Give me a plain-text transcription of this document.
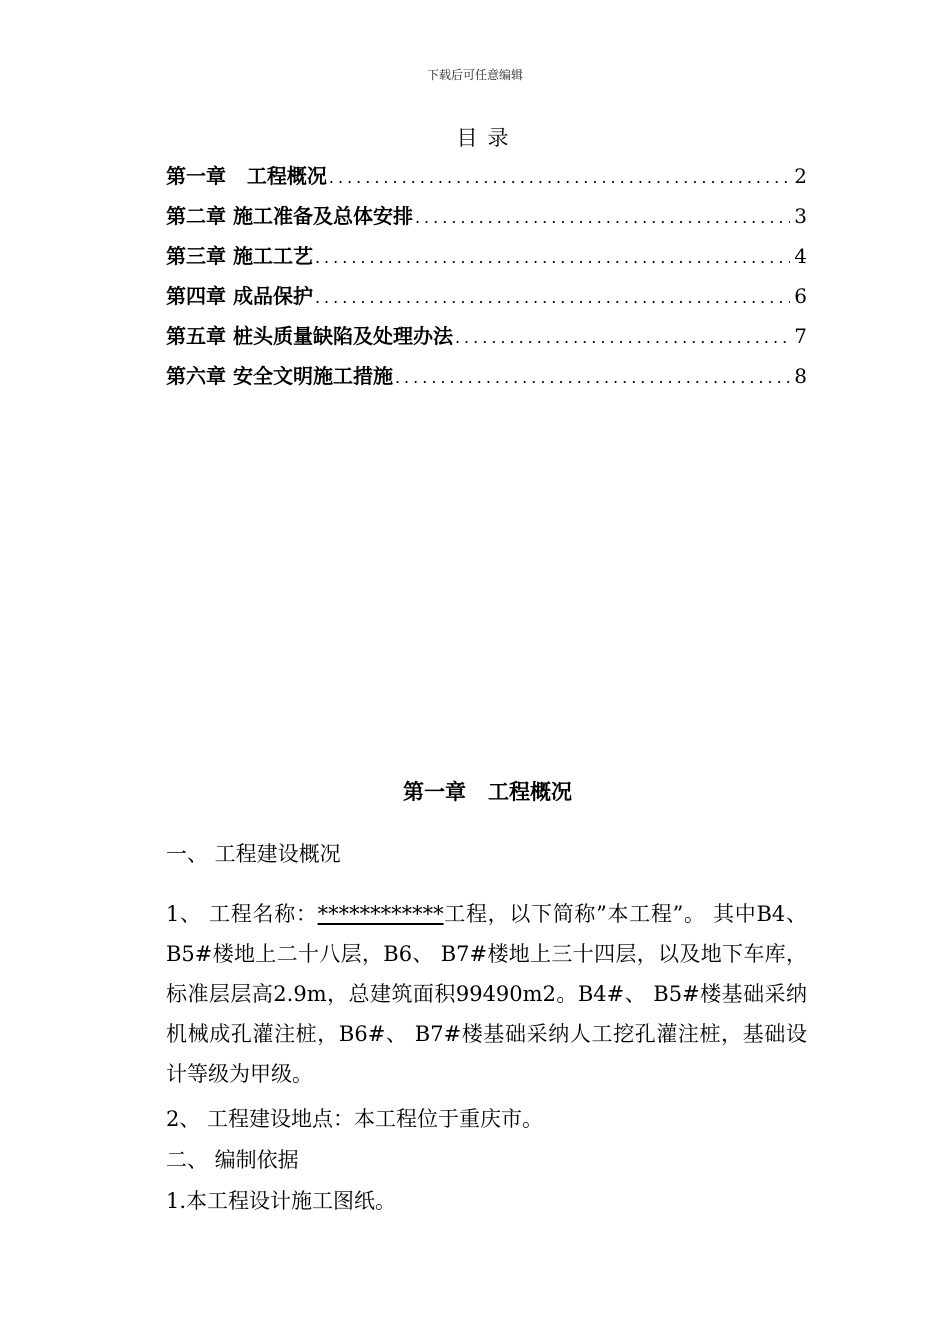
下载后可任意编辑
目录
第一章   工程概况 .....	2
第二章 施工准备及总体安排 .....	3
第三章 施工工艺 .....	4
第四章 成品保护 .....	6
第五章 桩头质量缺陷及处理办法 .....	7
第六章 安全文明施工措施 .....	8
第一章   工程概况
一、 工程建设概况
1、 工程名称：************工程，以下简称”本工程”。 其中B4、 B5#楼地上二十八层，B6、 B7#楼地上三十四层，以及地下车库，标准层层高2.9m，总建筑面积99490m2。B4#、 B5#楼基础采纳机械成孔灌注桩，B6#、 B7#楼基础采纳人工挖孔灌注桩，基础设计等级为甲级。
2、 工程建设地点：本工程位于重庆市。
二、 编制依据
1.本工程设计施工图纸。
